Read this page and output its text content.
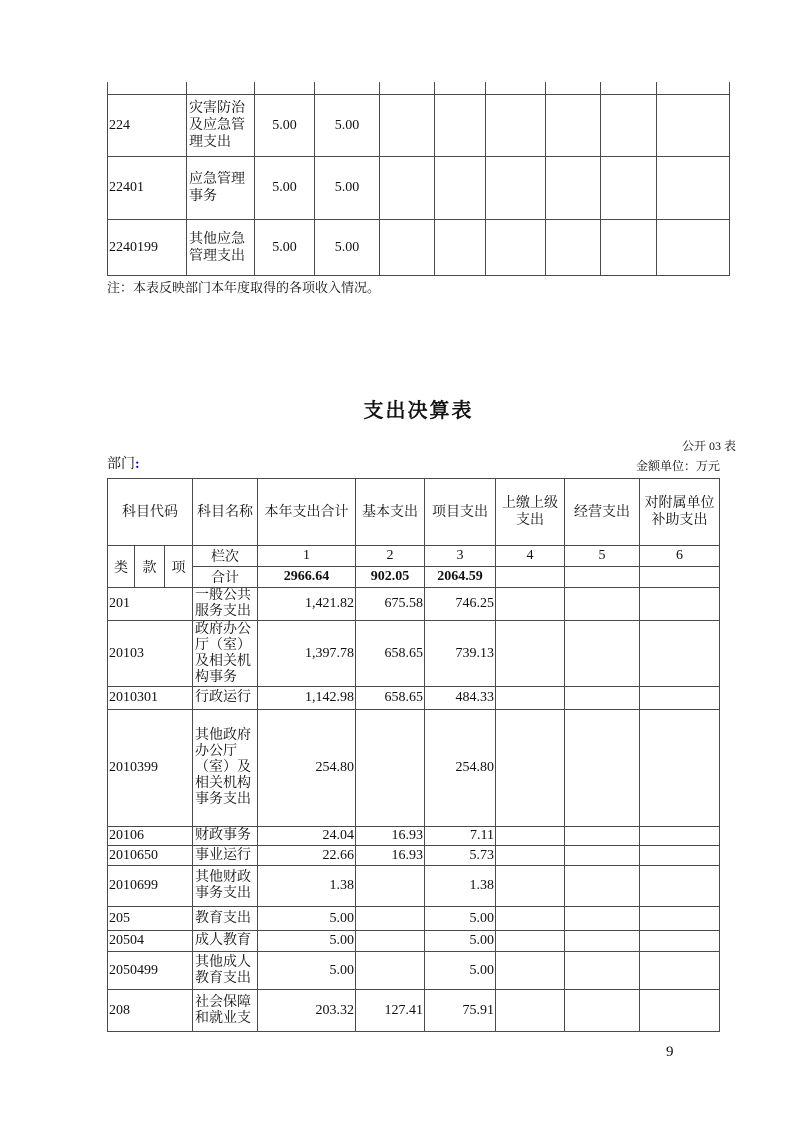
224	灾害防治及应急管理支出	5.00	5.00						
22401	应急管理事务	5.00	5.00						
2240199	其他应急管理支出	5.00	5.00						
注：本表反映部门本年度取得的各项收入情况。
支出决算表
公开 03 表
部门:	金额单位：万元
科目代码			科目名称	本年支出合计	基本支出	项目支出	上缴上级支出	经营支出	对附属单位补助支出
类	款	项	栏次	1	2	3	4	5	6
			合计	2966.64	902.05	2064.59			
201			一般公共服务支出	1,421.82	675.58	746.25			
20103			政府办公厅（室）及相关机构事务	1,397.78	658.65	739.13			
2010301			行政运行	1,142.98	658.65	484.33			
2010399			其他政府办公厅（室）及相关机构事务支出	254.80		254.80			
20106			财政事务	24.04	16.93	7.11			
2010650			事业运行	22.66	16.93	5.73			
2010699			其他财政事务支出	1.38		1.38			
205			教育支出	5.00		5.00			
20504			成人教育	5.00		5.00			
2050499			其他成人教育支出	5.00		5.00			
208			社会保障和就业支	203.32	127.41	75.91			
9
